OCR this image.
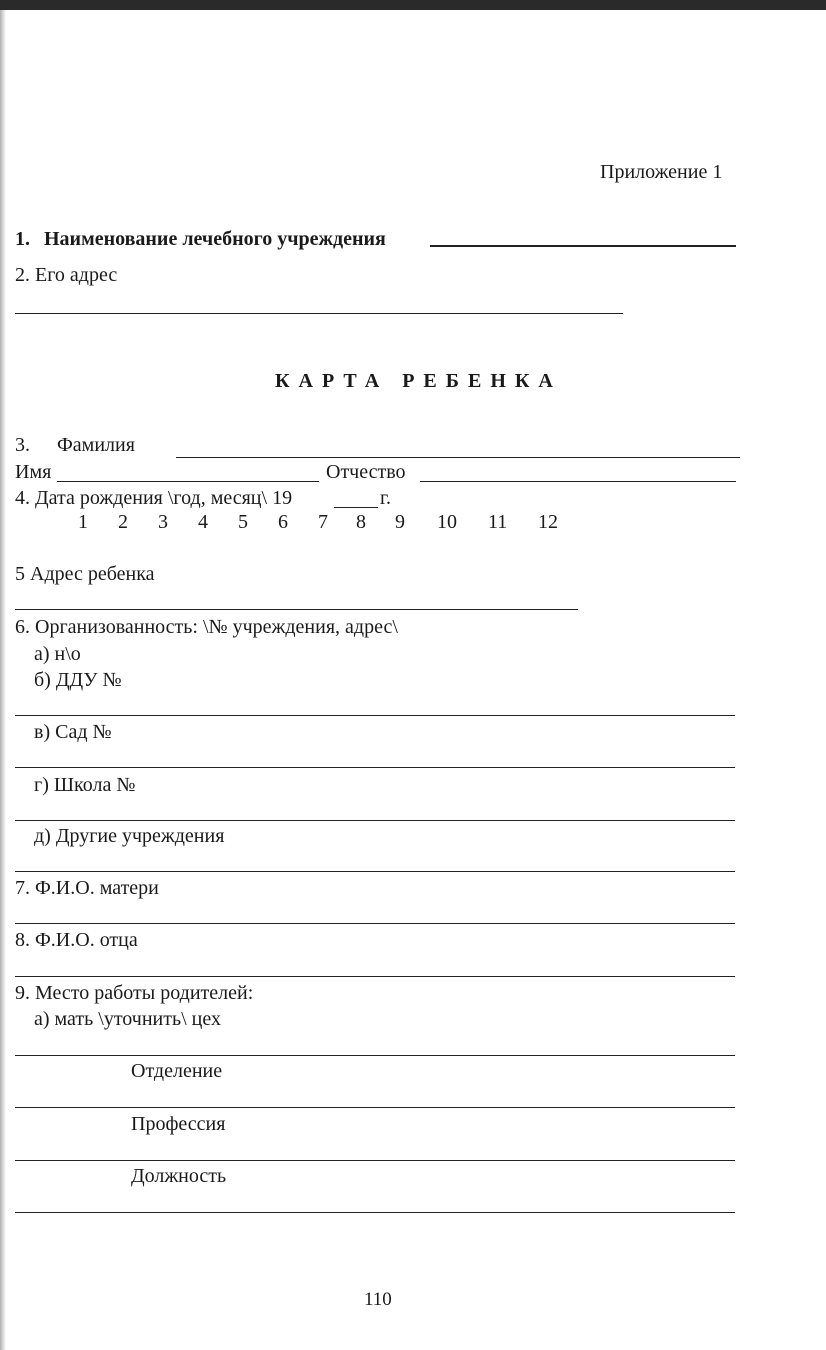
Приложение 1
1. Наименование лечебного учреждения
2. Его адрес
КАРТА РЕБЕНКА
3. Фамилия
Имя	Отчество
4. Дата рождения \год, месяц\ 19	г.
1 2 3 4 5 6 7 8 9 10 11 12
5 Адрес ребенка
6. Организованность: \№ учреждения, адрес\
а) н\о
б) ДДУ №
в) Сад №
г) Школа №
д) Другие учреждения
7. Ф.И.О. матери
8. Ф.И.О. отца
9. Место работы родителей:
а) мать \уточнить\ цех
Отделение
Профессия
Должность
110
